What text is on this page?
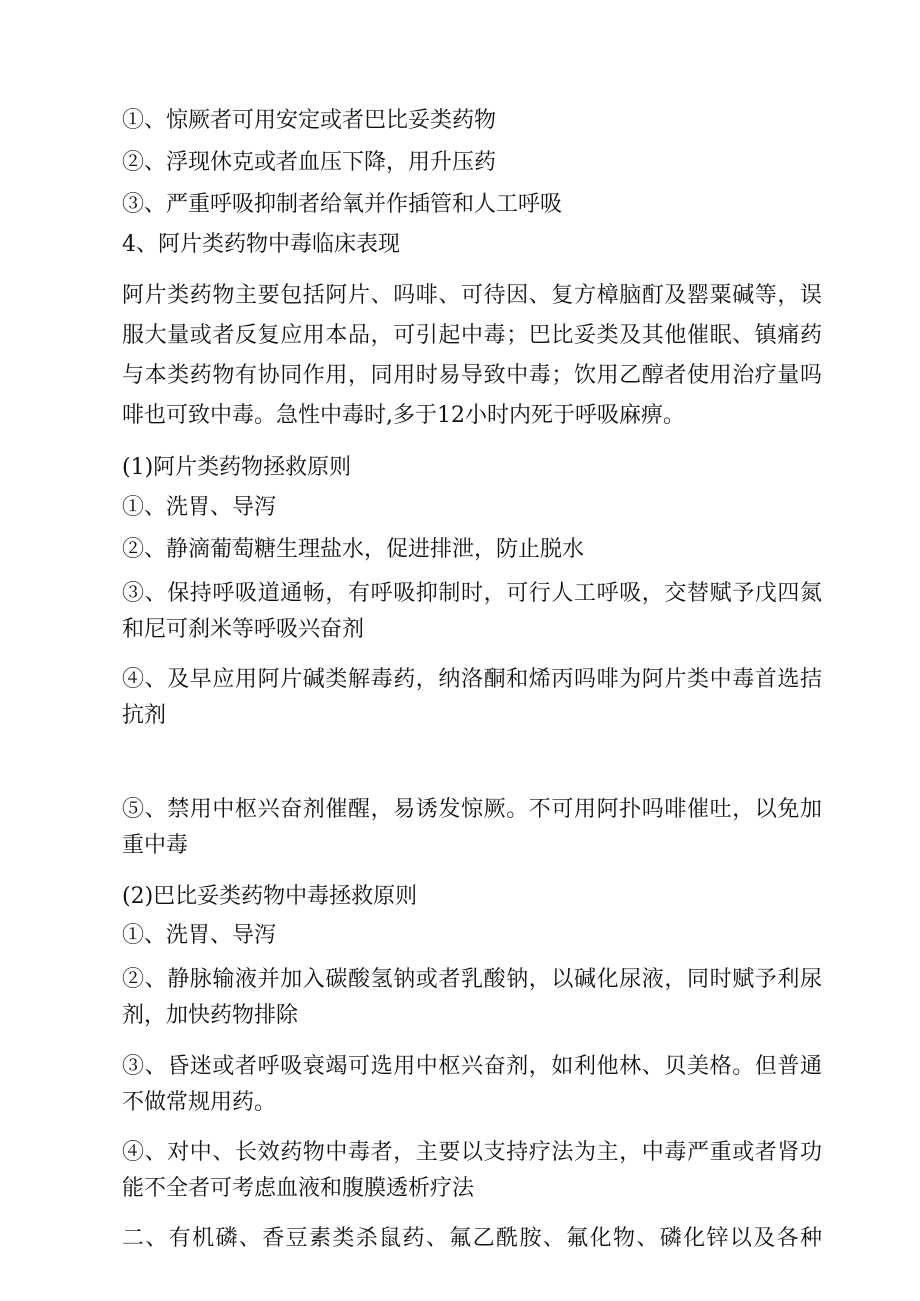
①、惊厥者可用安定或者巴比妥类药物
②、浮现休克或者血压下降，用升压药
③、严重呼吸抑制者给氧并作插管和人工呼吸
4、阿片类药物中毒临床表现
阿片类药物主要包括阿片、吗啡、可待因、复方樟脑酊及罂粟碱等，误服大量或者反复应用本品，可引起中毒；巴比妥类及其他催眠、镇痛药与本类药物有协同作用，同用时易导致中毒；饮用乙醇者使用治疗量吗啡也可致中毒。急性中毒时,多于12小时内死于呼吸麻痹。
(1)阿片类药物拯救原则
①、洗胃、导泻
②、静滴葡萄糖生理盐水，促进排泄，防止脱水
③、保持呼吸道通畅，有呼吸抑制时，可行人工呼吸，交替赋予戊四氮和尼可刹米等呼吸兴奋剂
④、及早应用阿片碱类解毒药，纳洛酮和烯丙吗啡为阿片类中毒首选拮抗剂
⑤、禁用中枢兴奋剂催醒，易诱发惊厥。不可用阿扑吗啡催吐，以免加重中毒
(2)巴比妥类药物中毒拯救原则
①、洗胃、导泻
②、静脉输液并加入碳酸氢钠或者乳酸钠，以碱化尿液，同时赋予利尿剂，加快药物排除
③、昏迷或者呼吸衰竭可选用中枢兴奋剂，如利他林、贝美格。但普通不做常规用药。
④、对中、长效药物中毒者，主要以支持疗法为主，中毒严重或者肾功能不全者可考虑血液和腹膜透析疗法
二、有机磷、香豆素类杀鼠药、氟乙酰胺、氟化物、磷化锌以及各种
